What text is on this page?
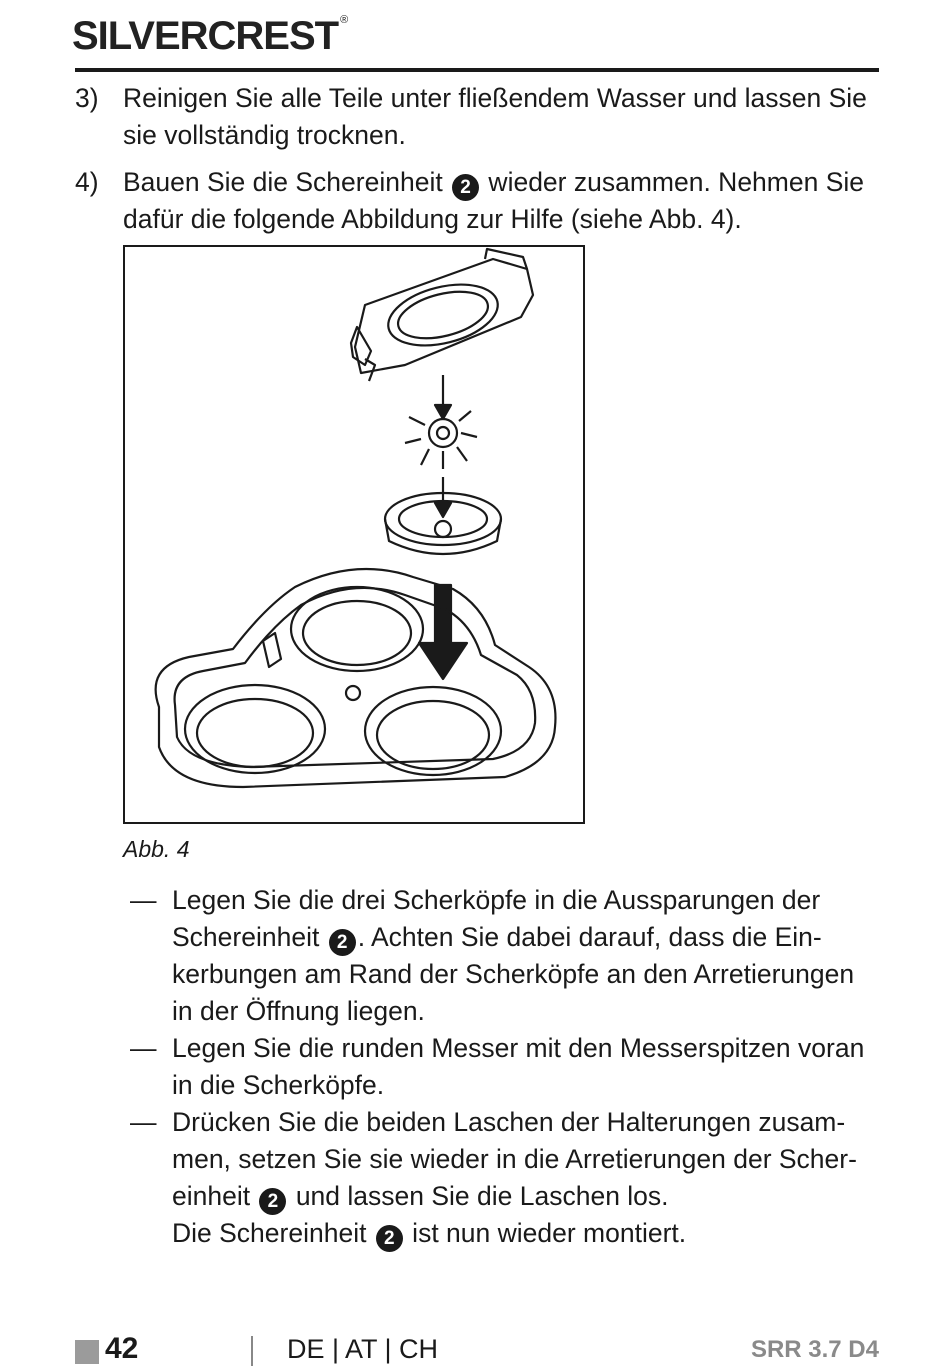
SILVERCREST ®
3) Reinigen Sie alle Teile unter fließendem Wasser und lassen Sie
sie vollständig trocknen.
4) Bauen Sie die Schereinheit 2 wieder zusammen. Nehmen Sie
dafür die folgende Abbildung zur Hilfe (siehe Abb. 4).
Abb. 4
— Legen Sie die drei Scherköpfe in die Aussparungen der
Schereinheit 2 . Achten Sie dabei darauf, dass die Ein-
kerbungen am Rand der Scherköpfe an den Arretierungen
in der Öffnung liegen.
— Legen Sie die runden Messer mit den Messerspitzen voran
in die Scherköpfe.
— Drücken Sie die beiden Laschen der Halterungen zusam-
men, setzen Sie sie wieder in die Arretierungen der Scher-
einheit 2 und lassen Sie die Laschen los.
Die Schereinheit 2 ist nun wieder montiert.
42	DE | AT | CH	SRR 3.7 D4
